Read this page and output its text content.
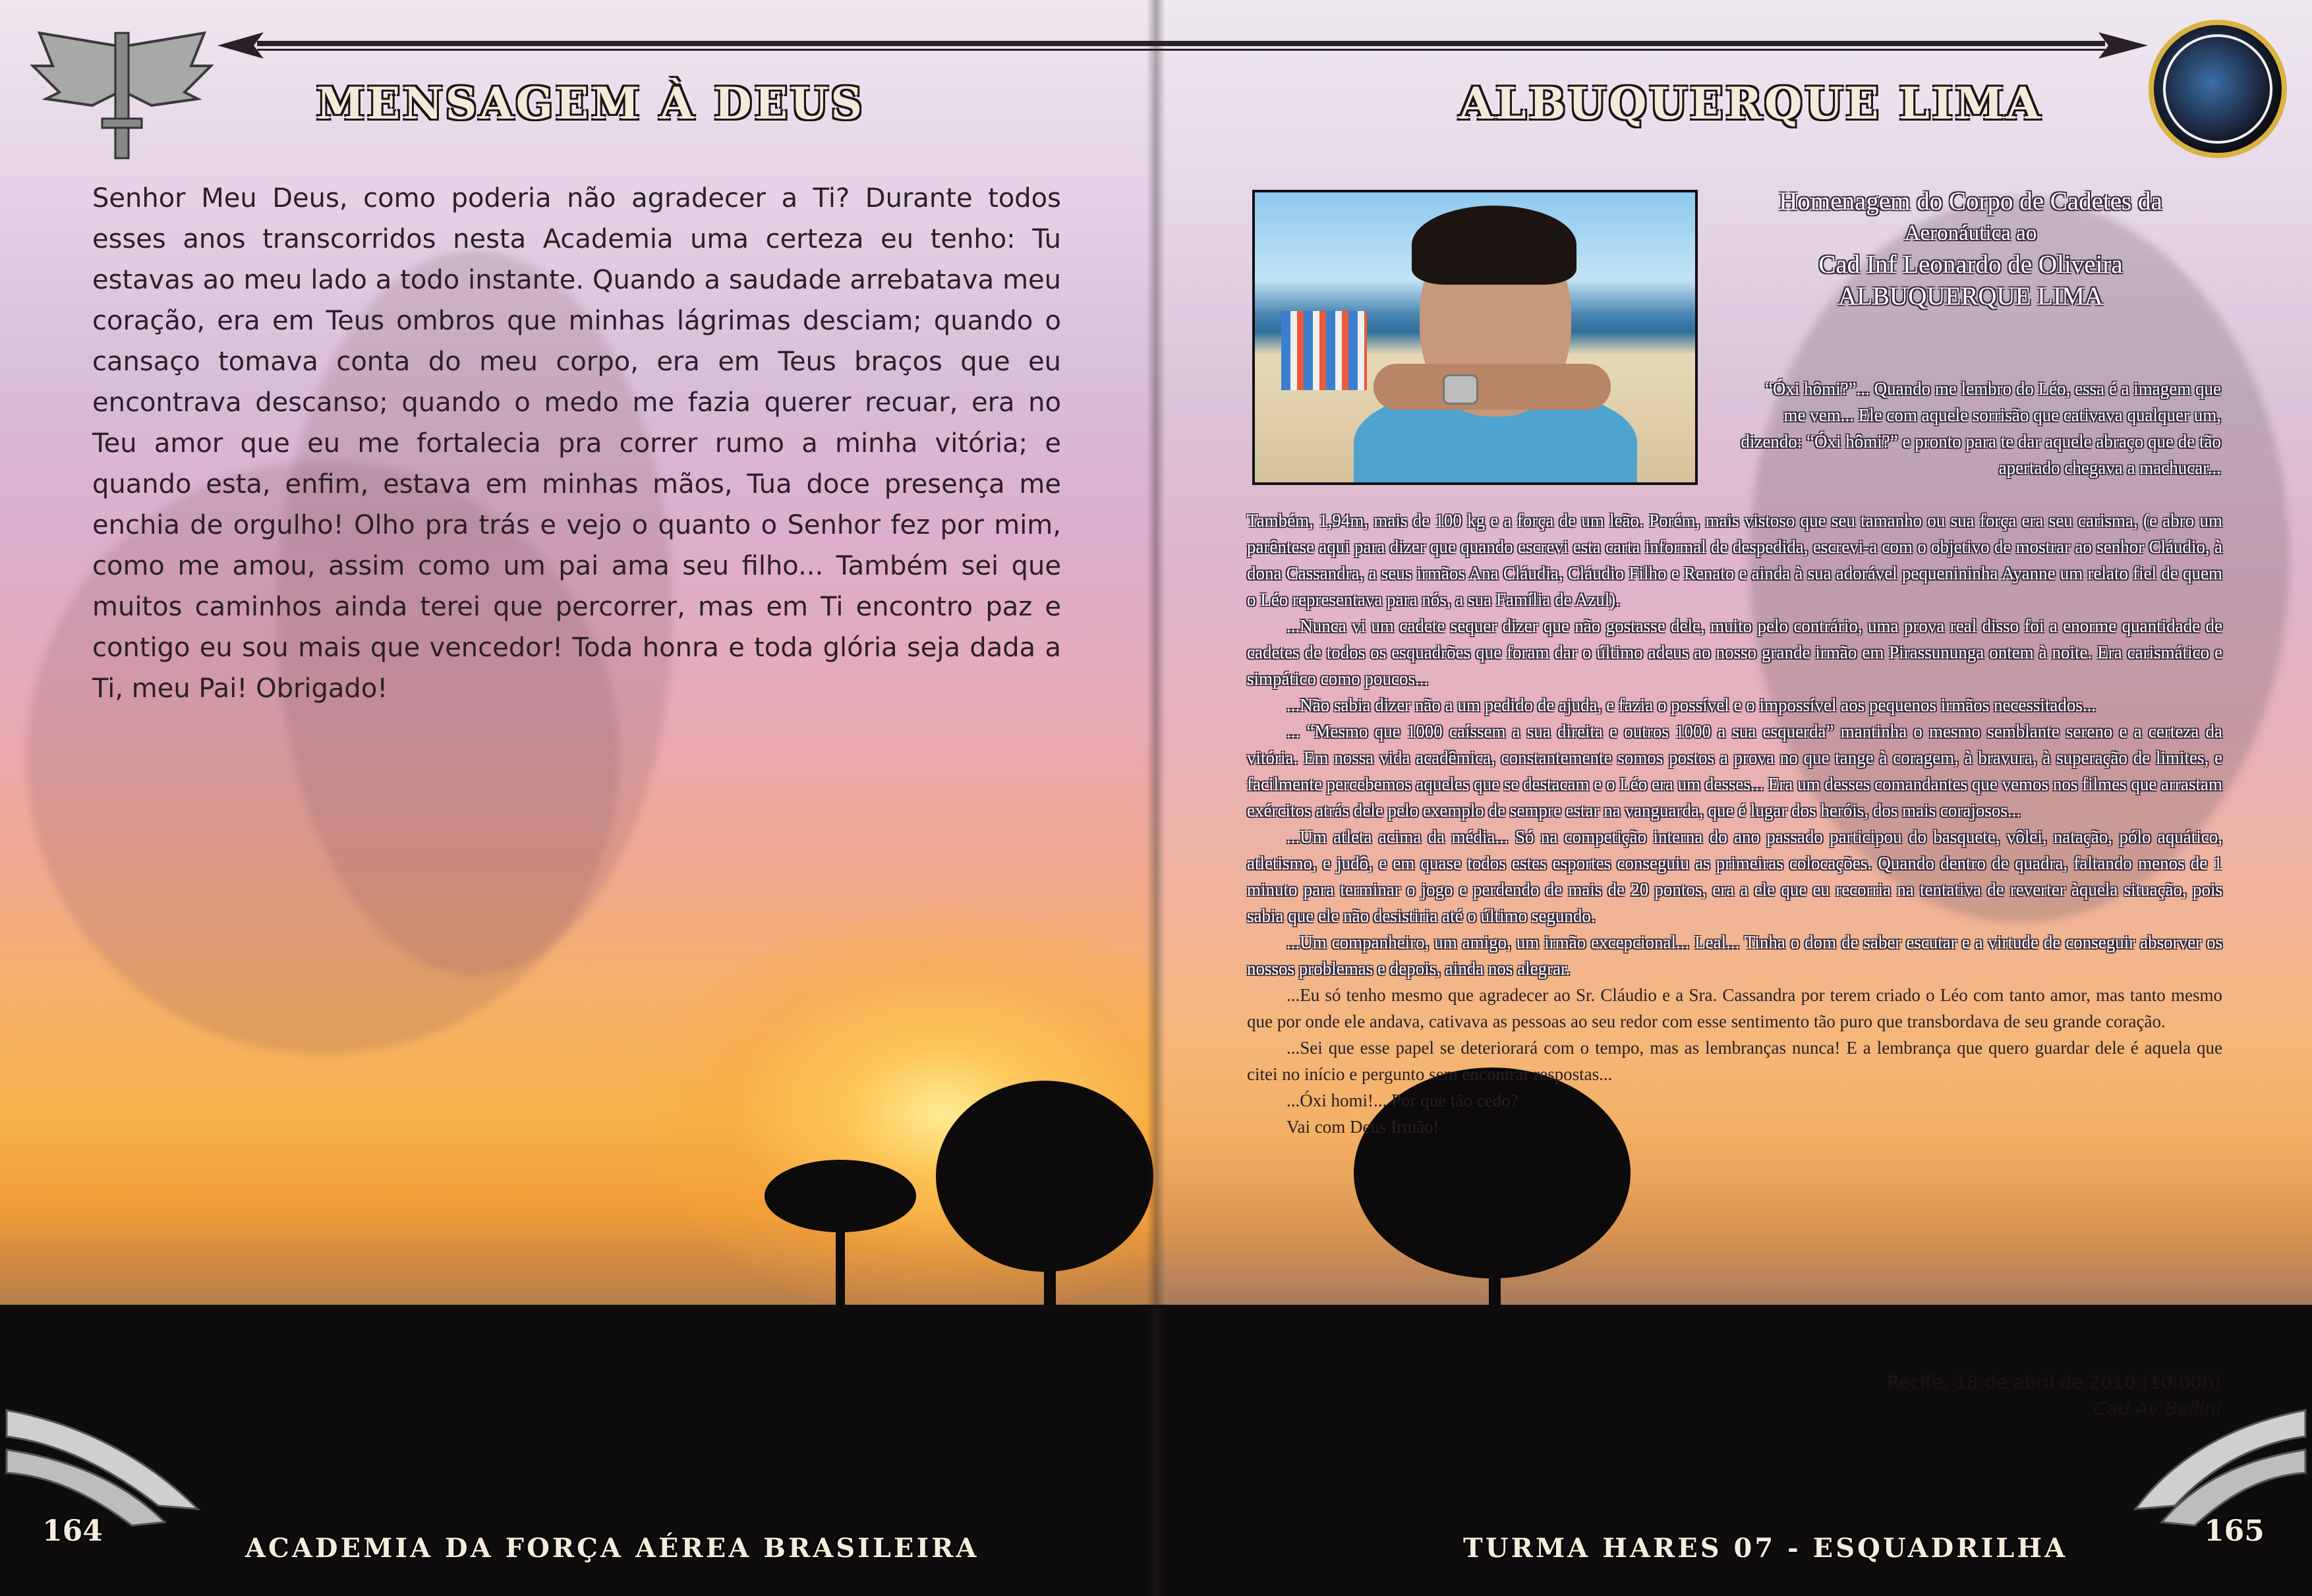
MENSAGEM À DEUS
Senhor Meu Deus, como poderia não agradecer a Ti? Durante todos esses anos transcorridos nesta Academia uma certeza eu tenho: Tu estavas ao meu lado a todo instante. Quando a saudade arrebatava meu coração, era em Teus ombros que minhas lágrimas desciam; quando o cansaço tomava conta do meu corpo, era em Teus braços que eu encontrava descanso; quando o medo me fazia querer recuar, era no Teu amor que eu me fortalecia pra correr rumo a minha vitória; e quando esta, enfim, estava em minhas mãos, Tua doce presença me enchia de orgulho! Olho pra trás e vejo o quanto o Senhor fez por mim, como me amou, assim como um pai ama seu filho... Também sei que muitos caminhos ainda terei que percorrer, mas em Ti encontro paz e contigo eu sou mais que vencedor! Toda honra e toda glória seja dada a Ti, meu Pai! Obrigado!
164
ACADEMIA DA FORÇA AÉREA BRASILEIRA
ALBUQUERQUE LIMA
Homenagem do Corpo de Cadetes da
Aeronáutica ao
Cad Inf Leonardo de Oliveira
ALBUQUERQUE LIMA
“Óxi hômi?”... Quando me lembro do Léo, essa é a imagem que me vem... Ele com aquele sorrisão que cativava qualquer um, dizendo: “Óxi hômi?” e pronto para te dar aquele abraço que de tão apertado chegava a machucar...

Também, 1,94m, mais de 100 kg e a força de um leão. Porém, mais vistoso que seu tamanho ou sua força era seu carisma, (e abro um parêntese aqui para dizer que quando escrevi esta carta informal de despedida, escrevi-a com o objetivo de mostrar ao senhor Cláudio, à dona Cassandra, a seus irmãos Ana Cláudia, Cláudio Filho e Renato e ainda à sua adorável pequenininha Ayanne um relato fiel de quem o Léo representava para nós, a sua Família de Azul).

...Nunca vi um cadete sequer dizer que não gostasse dele, muito pelo contrário, uma prova real disso foi a enorme quantidade de cadetes de todos os esquadrões que foram dar o último adeus ao nosso grande irmão em Pirassununga ontem à noite. Era carismático e simpático como poucos...

...Não sabia dizer não a um pedido de ajuda, e fazia o possível e o impossível aos pequenos irmãos necessitados...

... “Mesmo que 1000 caíssem a sua direita e outros 1000 a sua esquerda” mantinha o mesmo semblante sereno e a certeza da vitória. Em nossa vida acadêmica, constantemente somos postos a prova no que tange à coragem, à bravura, à superação de limites, e facilmente percebemos aqueles que se destacam e o Léo era um desses... Era um desses comandantes que vemos nos filmes que arrastam exércitos atrás dele pelo exemplo de sempre estar na vanguarda, que é lugar dos heróis, dos mais corajosos...

...Um atleta acima da média... Só na competição interna do ano passado participou do basquete, vôlei, natação, pólo aquático, atletismo, e judô, e em quase todos estes esportes conseguiu as primeiras colocações. Quando dentro de quadra, faltando menos de 1 minuto para terminar o jogo e perdendo de mais de 20 pontos, era a ele que eu recorria na tentativa de reverter àquela situação, pois sabia que ele não desistiria até o último segundo.

...Um companheiro, um amigo, um irmão excepcional... Leal... Tinha o dom de saber escutar e a virtude de conseguir absorver os nossos problemas e depois, ainda nos alegrar.

...Eu só tenho mesmo que agradecer ao Sr. Cláudio e a Sra. Cassandra por terem criado o Léo com tanto amor, mas tanto mesmo que por onde ele andava, cativava as pessoas ao seu redor com esse sentimento tão puro que transbordava de seu grande coração.

...Sei que esse papel se deteriorará com o tempo, mas as lembranças nunca! E a lembrança que quero guardar dele é aquela que citei no início e pergunto sem encontrar respostas...

...Óxi homi!... Por que tão cedo?

Vai com Deus Irmão!

Recife, 18 de abril de 2010 (10:00h)
Cad Av Bellini
165
TURMA HARES 07 - ESQUADRILHA
